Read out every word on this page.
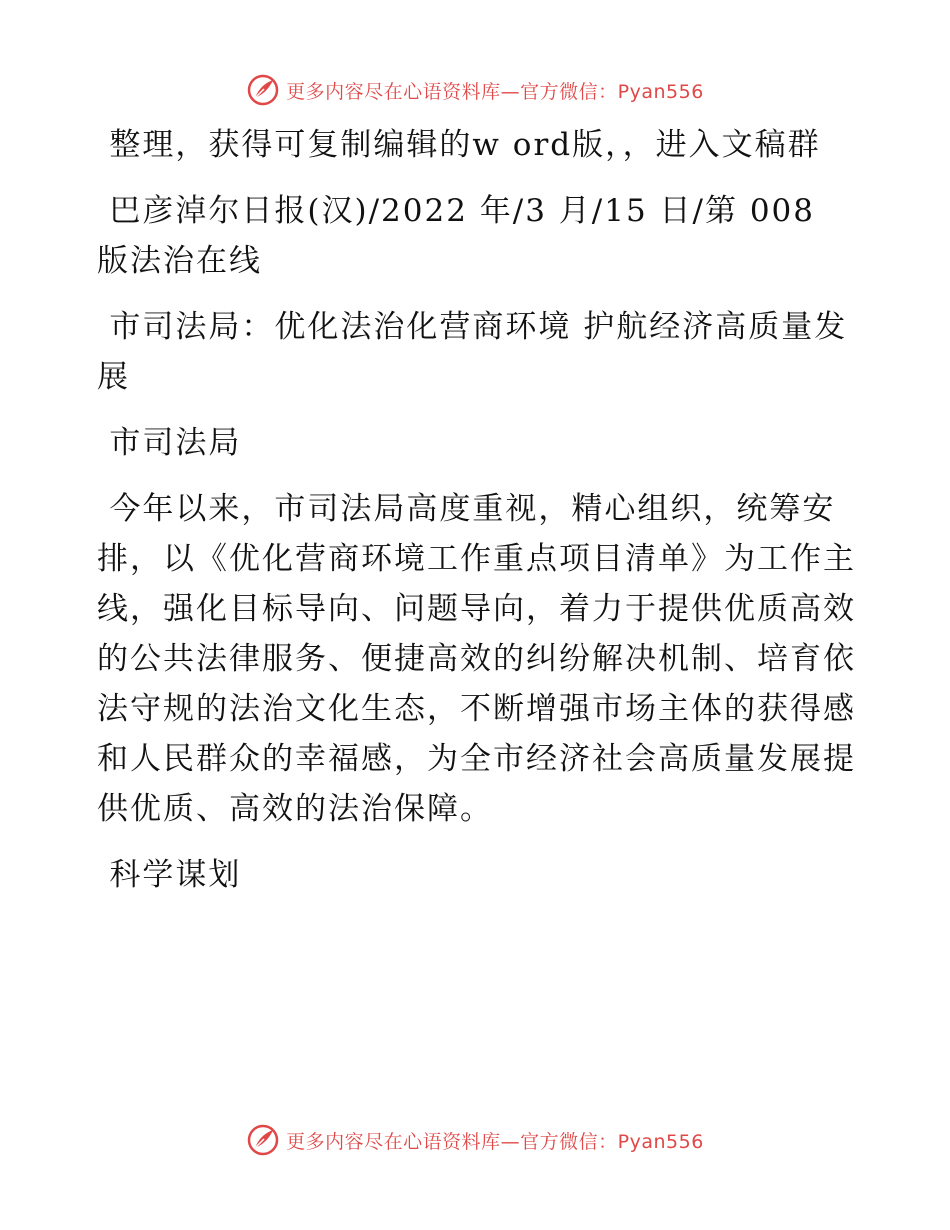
更多内容尽在心语资料库—官方微信：Pyan556

整理，获得可复制编辑的w ord版，，进入文稿群

巴彦淖尔日报(汉)/2022 年/3 月/15 日/第 008 版法治在线

市司法局：优化法治化营商环境 护航经济高质量发展

市司法局

今年以来，市司法局高度重视，精心组织，统筹安排，以《优化营商环境工作重点项目清单》为工作主线，强化目标导向、问题导向，着力于提供优质高效的公共法律服务、便捷高效的纠纷解决机制、培育依法守规的法治文化生态，不断增强市场主体的获得感和人民群众的幸福感，为全市经济社会高质量发展提供优质、高效的法治保障。

科学谋划

更多内容尽在心语资料库—官方微信：Pyan556
